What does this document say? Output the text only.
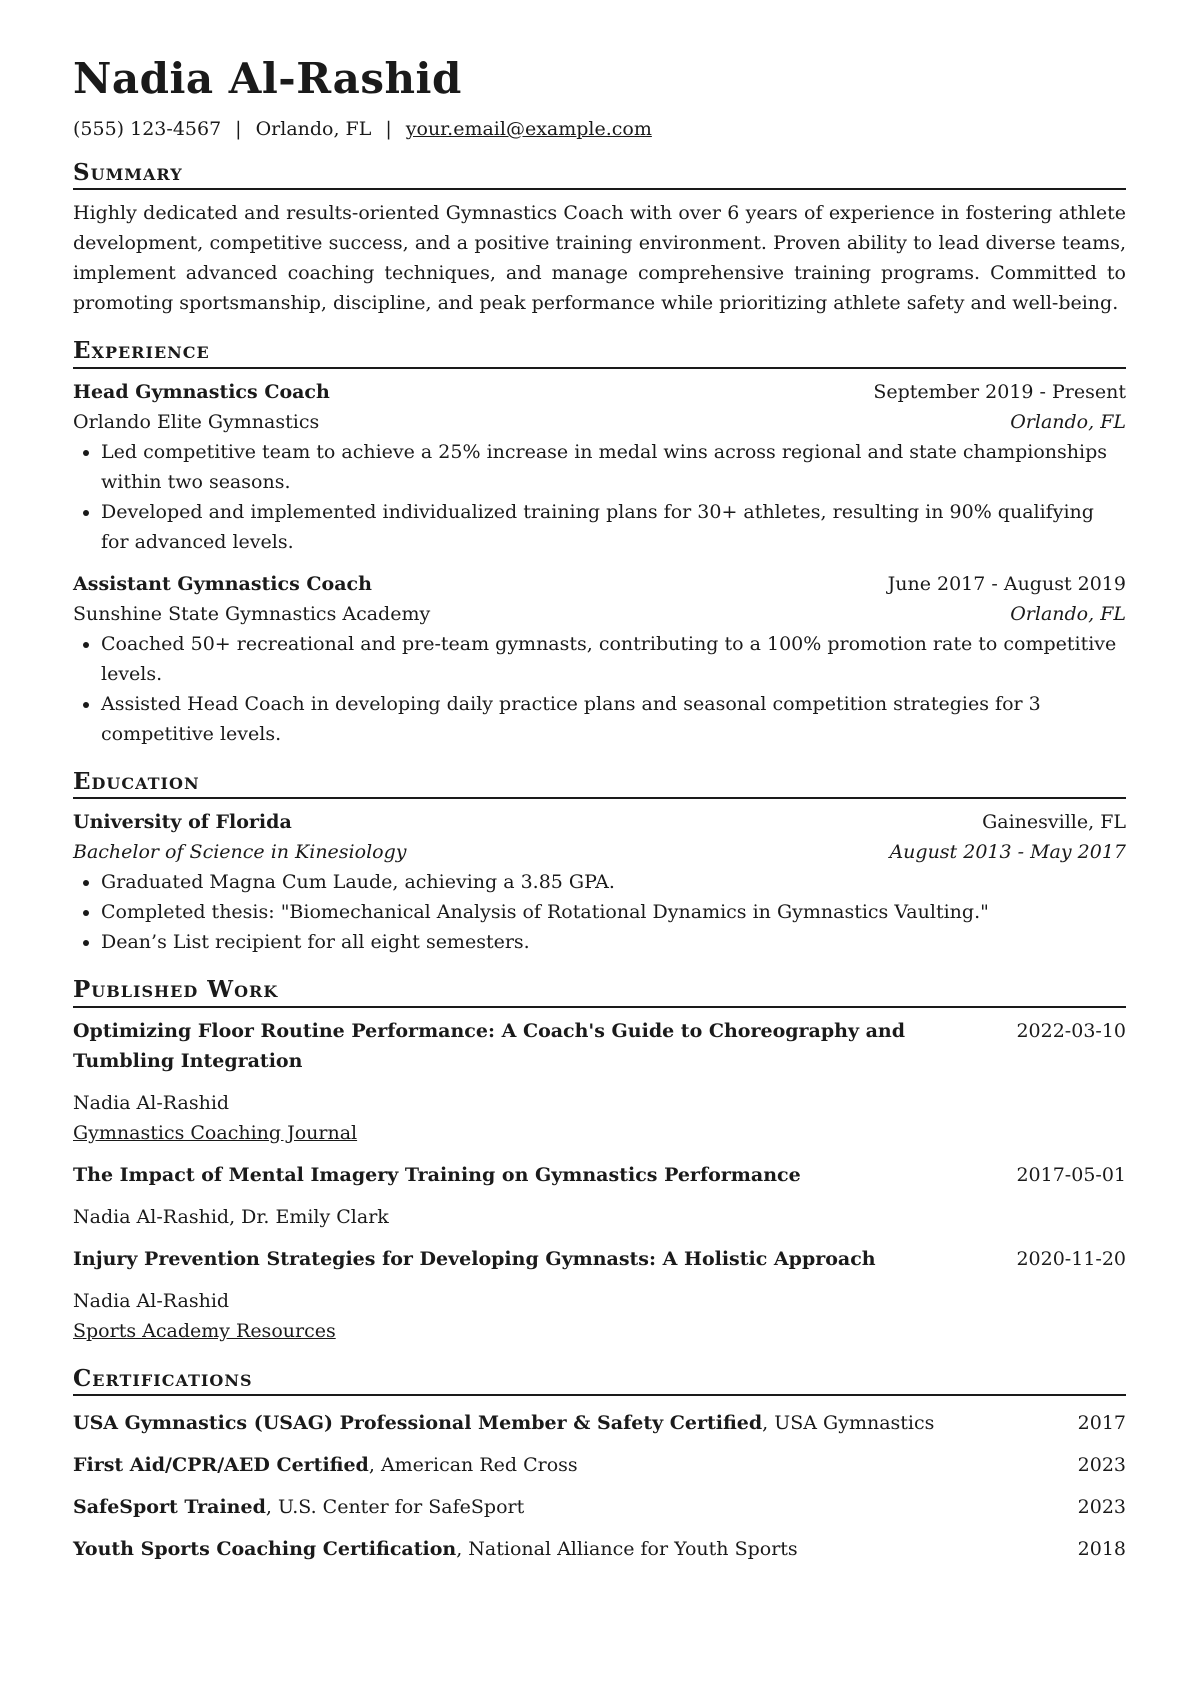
Nadia Al-Rashid
(555) 123-4567 | Orlando, FL | your.email@example.com
Summary
Highly dedicated and results-oriented Gymnastics Coach with over 6 years of experience in fostering athlete development, competitive success, and a positive training environment. Proven ability to lead diverse teams, implement advanced coaching techniques, and manage comprehensive training programs. Committed to promoting sportsmanship, discipline, and peak performance while prioritizing athlete safety and well-being.
Experience
Head Gymnastics Coach	September 2019 - Present
Orlando Elite Gymnastics	Orlando, FL
• Led competitive team to achieve a 25% increase in medal wins across regional and state championships within two seasons.
• Developed and implemented individualized training plans for 30+ athletes, resulting in 90% qualifying for advanced levels.
Assistant Gymnastics Coach	June 2017 - August 2019
Sunshine State Gymnastics Academy	Orlando, FL
• Coached 50+ recreational and pre-team gymnasts, contributing to a 100% promotion rate to competitive levels.
• Assisted Head Coach in developing daily practice plans and seasonal competition strategies for 3 competitive levels.
Education
University of Florida	Gainesville, FL
Bachelor of Science in Kinesiology	August 2013 - May 2017
• Graduated Magna Cum Laude, achieving a 3.85 GPA.
• Completed thesis: "Biomechanical Analysis of Rotational Dynamics in Gymnastics Vaulting."
• Dean’s List recipient for all eight semesters.
Published Work
Optimizing Floor Routine Performance: A Coach's Guide to Choreography and Tumbling Integration
2022-03-10
Nadia Al-Rashid
Gymnastics Coaching Journal
The Impact of Mental Imagery Training on Gymnastics Performance	2017-05-01
Nadia Al-Rashid, Dr. Emily Clark
Injury Prevention Strategies for Developing Gymnasts: A Holistic Approach	2020-11-20
Nadia Al-Rashid
Sports Academy Resources
Certifications
USA Gymnastics (USAG) Professional Member & Safety Certified, USA Gymnastics	2017
First Aid/CPR/AED Certified, American Red Cross	2023
SafeSport Trained, U.S. Center for SafeSport	2023
Youth Sports Coaching Certification, National Alliance for Youth Sports	2018
